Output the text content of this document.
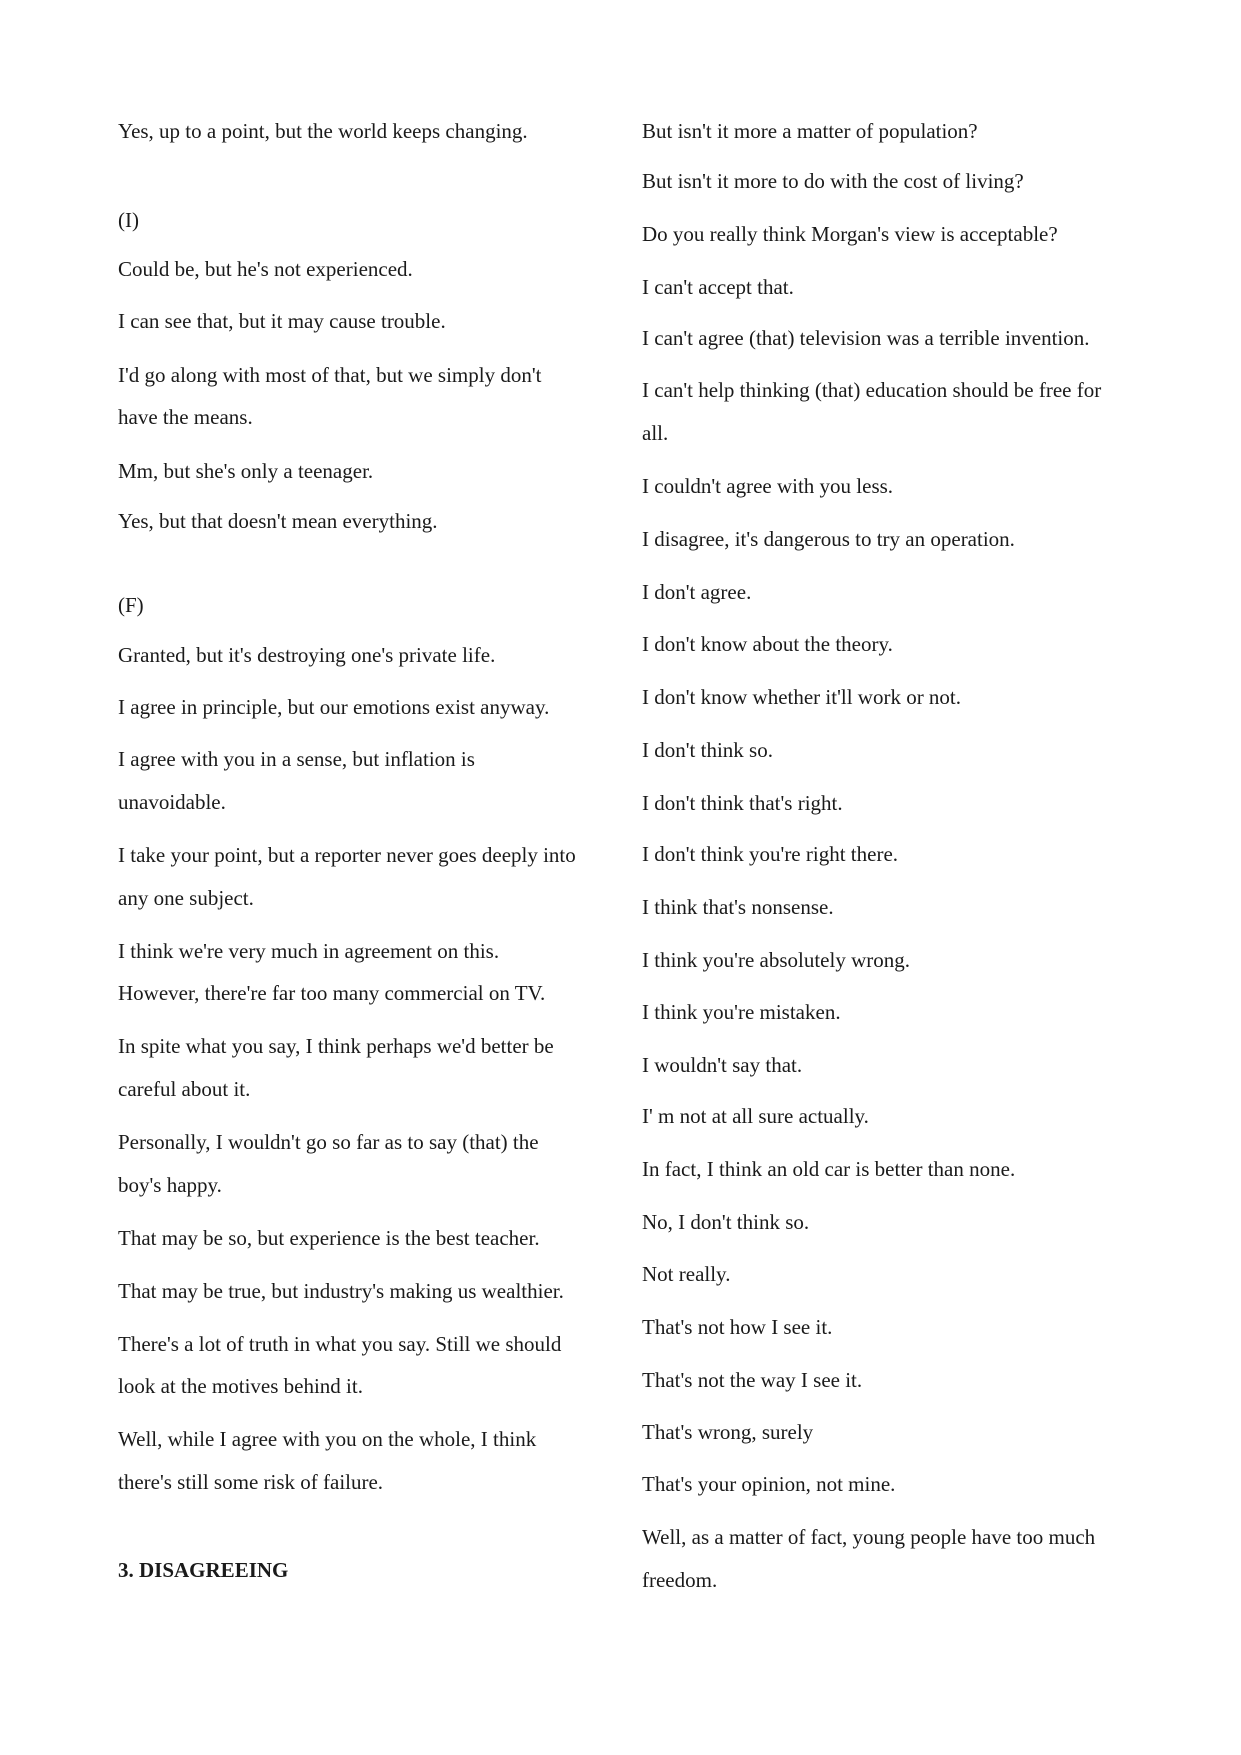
Yes, up to a point, but the world keeps changing.

(I)

Could be, but he's not experienced.

I can see that, but it may cause trouble.

I'd go along with most of that, but we simply don't

have the means.

Mm, but she's only a teenager.

Yes, but that doesn't mean everything.

(F)

Granted, but it's destroying one's private life.

I agree in principle, but our emotions exist anyway.

I agree with you in a sense, but inflation is

unavoidable.

I take your point, but a reporter never goes deeply into

any one subject.

I think we're very much in agreement on this.

However, there're far too many commercial on TV.

In spite what you say, I think perhaps we'd better be

careful about it.

Personally, I wouldn't go so far as to say (that) the

boy's happy.

That may be so, but experience is the best teacher.

That may be true, but industry's making us wealthier.

There's a lot of truth in what you say. Still we should

look at the motives behind it.

Well, while I agree with you on the whole, I think

there's still some risk of failure.

3. DISAGREEING

But isn't it more a matter of population?

But isn't it more to do with the cost of living?

Do you really think Morgan's view is acceptable?

I can't accept that.

I can't agree (that) television was a terrible invention.

I can't help thinking (that) education should be free for

all.

I couldn't agree with you less.

I disagree, it's dangerous to try an operation.

I don't agree.

I don't know about the theory.

I don't know whether it'll work or not.

I don't think so.

I don't think that's right.

I don't think you're right there.

I think that's nonsense.

I think you're absolutely wrong.

I think you're mistaken.

I wouldn't say that.

I' m not at all sure actually.

In fact, I think an old car is better than none.

No, I don't think so.

Not really.

That's not how I see it.

That's not the way I see it.

That's wrong, surely

That's your opinion, not mine.

Well, as a matter of fact, young people have too much

freedom.
